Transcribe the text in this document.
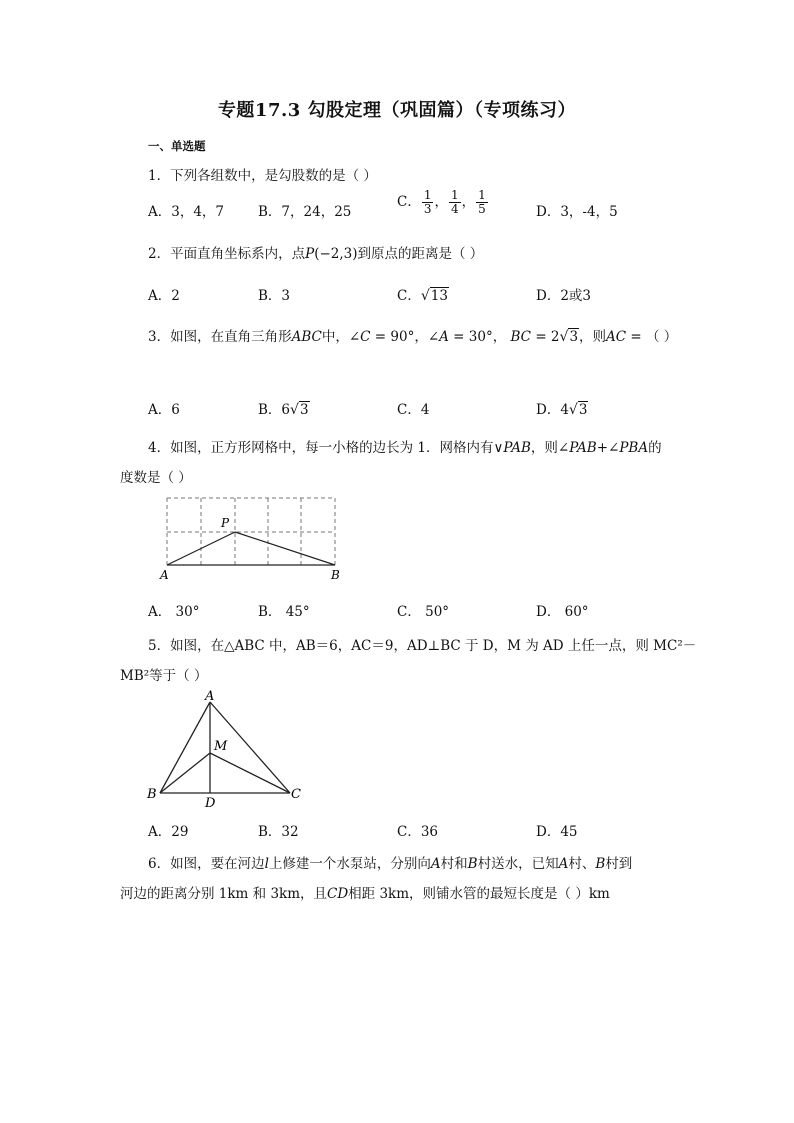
专题17.3 勾股定理（巩固篇）（专项练习）
一、单选题
1．下列各组数中，是勾股数的是（ ）
A．3，4，7	B．7，24，25
C． $\frac{1}{3}$ ， $\frac{1}{4}$ ， $\frac{1}{5}$	D．3，-4，5
2．平面直角坐标系内，点P(−2,3)到原点的距离是（ ）
A．2	B．3	C．√13	D．2或3
3．如图，在直角三角形ABC中，∠C = 90°，∠A = 30°， BC = 2√3，则AC = （ ）
A．6	B．6√3	C．4	D．4√3
4．如图，正方形网格中，每一小格的边长为 1．网格内有∨PAB，则∠PAB+∠PBA的
度数是（ ）
P
A	B
A． 30°	B． 45°	C． 50°	D． 60°
5．如图，在△ABC 中，AB＝6，AC＝9，AD⊥BC 于 D，M 为 AD 上任一点，则 MC²－
MB²等于（ ）
A
M
B
D
C
A．29	B．32	C．36	D．45
6．如图，要在河边l上修建一个水泵站，分别向A村和B村送水，已知A村、B村到
河边的距离分别 1km 和 3km，且CD相距 3km，则铺水管的最短长度是（ ）km
